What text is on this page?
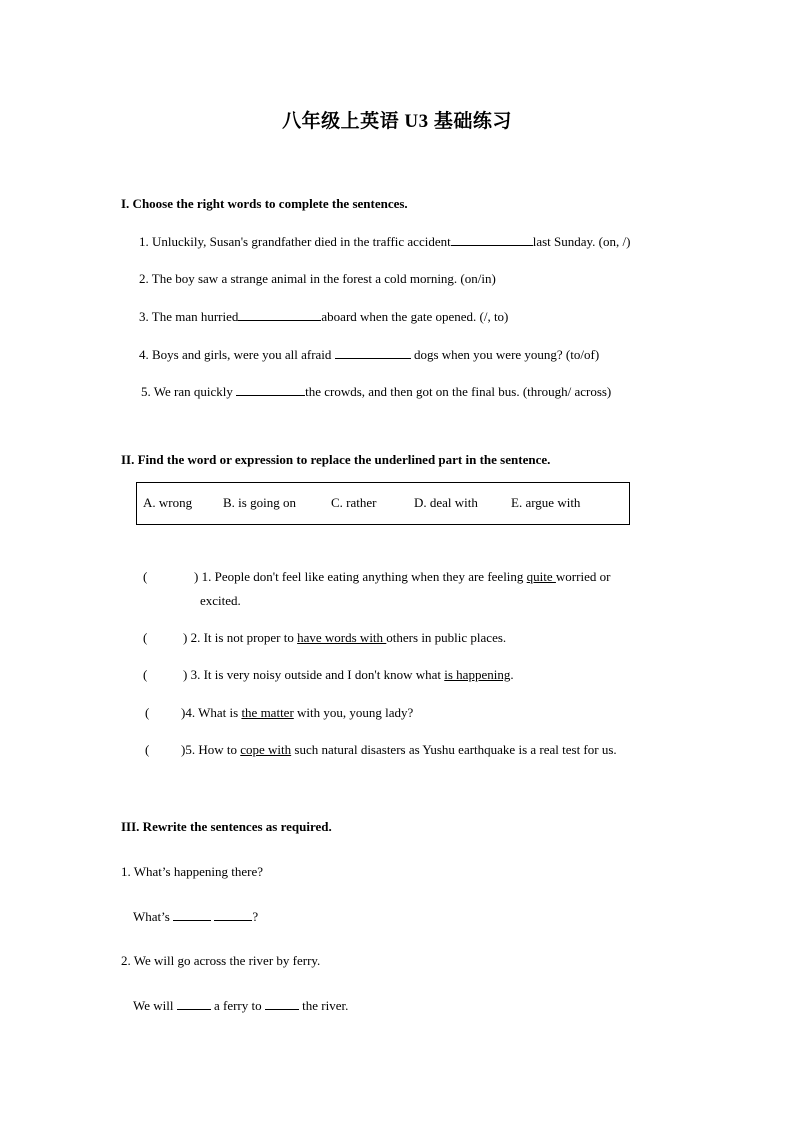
八年级上英语 U3 基础练习
I. Choose the right words to complete the sentences.
1. Unluckily, Susan's grandfather died in the traffic accident	last Sunday. (on, /)
2. The boy saw a strange animal in the forest a cold morning. (on/in)
3. The man hurried	aboard when the gate opened. (/, to)
4. Boys and girls, were you all afraid	dogs when you were young? (to/of)
5. We ran quickly	the crowds, and then got on the final bus. (through/ across)
II. Find the word or expression to replace the underlined part in the sentence.
A. wrong B. is going on	C. rather	D. deal with	E. argue with
(	) 1. People don't feel like eating anything when they are feeling quite worried or
excited.
(	) 2. It is not proper to have words with others in public places.
(	) 3. It is very noisy outside and I don't know what is happening.
( )4. What is the matter with you, young lady?
( )5. How to cope with such natural disasters as Yushu earthquake is a real test for us.
III. Rewrite the sentences as required.
1. What’s happening there?
What’s	?
2. We will go across the river by ferry.
We will	a ferry to	the river.
